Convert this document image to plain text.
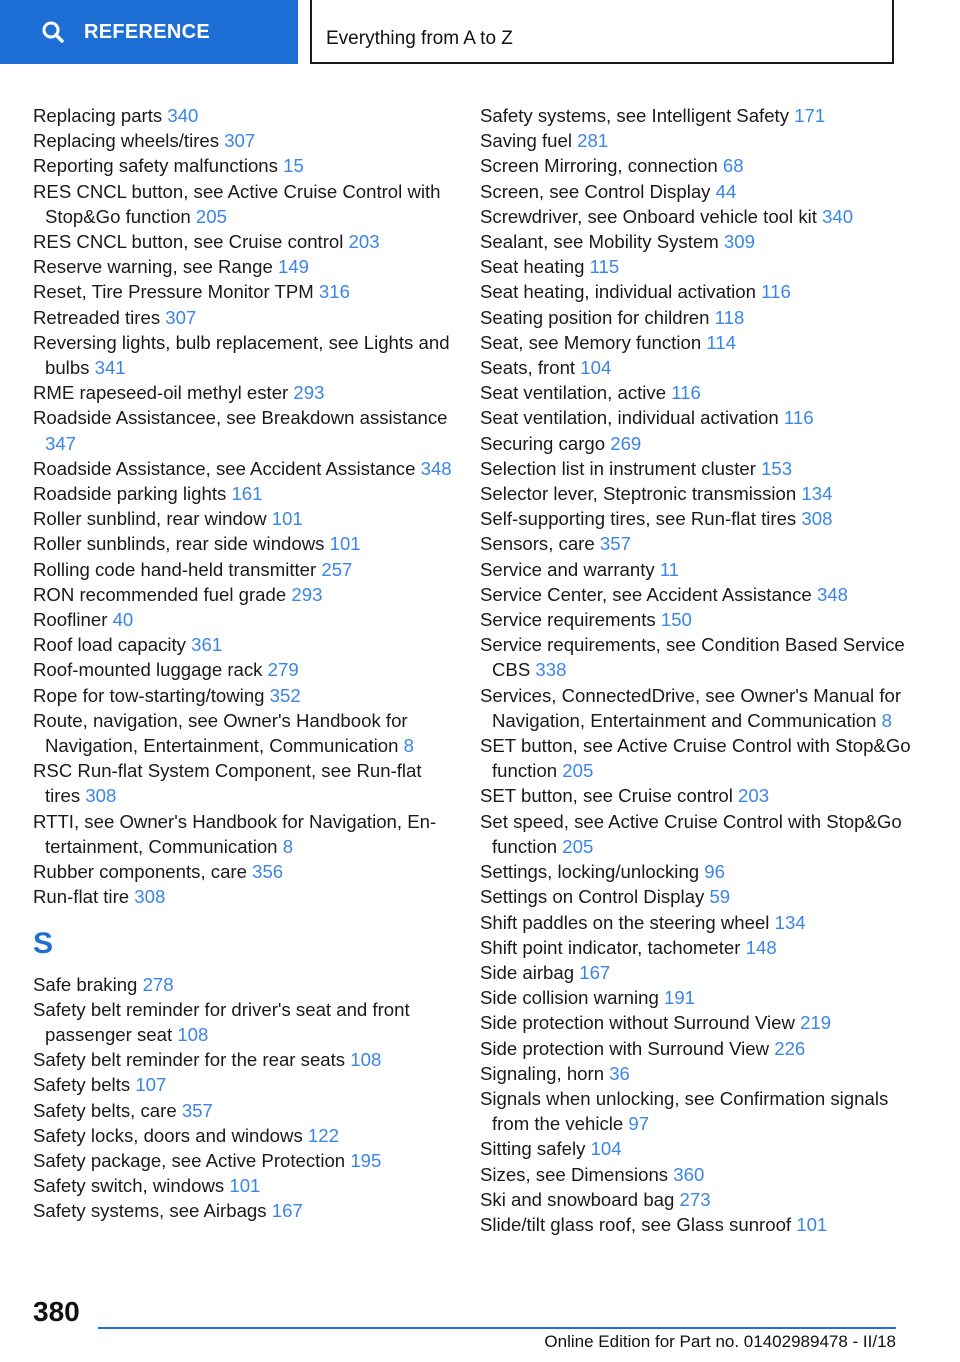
REFERENCE	Everything from A to Z
Replacing parts 340
Replacing wheels/tires 307
Reporting safety malfunctions 15
RES CNCL button, see Active Cruise Control with Stop&Go function 205
RES CNCL button, see Cruise control 203
Reserve warning, see Range 149
Reset, Tire Pressure Monitor TPM 316
Retreaded tires 307
Reversing lights, bulb replacement, see Lights and bulbs 341
RME rapeseed-oil methyl ester 293
Roadside Assistancee, see Breakdown assistance 347
Roadside Assistance, see Accident Assistance 348
Roadside parking lights 161
Roller sunblind, rear window 101
Roller sunblinds, rear side windows 101
Rolling code hand-held transmitter 257
RON recommended fuel grade 293
Roofliner 40
Roof load capacity 361
Roof-mounted luggage rack 279
Rope for tow-starting/towing 352
Route, navigation, see Owner's Handbook for Navigation, Entertainment, Communication 8
RSC Run-flat System Component, see Run-flat tires 308
RTTI, see Owner's Handbook for Navigation, Entertainment, Communication 8
Rubber components, care 356
Run-flat tire 308
S
Safe braking 278
Safety belt reminder for driver's seat and front passenger seat 108
Safety belt reminder for the rear seats 108
Safety belts 107
Safety belts, care 357
Safety locks, doors and windows 122
Safety package, see Active Protection 195
Safety switch, windows 101
Safety systems, see Airbags 167
Safety systems, see Intelligent Safety 171
Saving fuel 281
Screen Mirroring, connection 68
Screen, see Control Display 44
Screwdriver, see Onboard vehicle tool kit 340
Sealant, see Mobility System 309
Seat heating 115
Seat heating, individual activation 116
Seating position for children 118
Seat, see Memory function 114
Seats, front 104
Seat ventilation, active 116
Seat ventilation, individual activation 116
Securing cargo 269
Selection list in instrument cluster 153
Selector lever, Steptronic transmission 134
Self-supporting tires, see Run-flat tires 308
Sensors, care 357
Service and warranty 11
Service Center, see Accident Assistance 348
Service requirements 150
Service requirements, see Condition Based Service CBS 338
Services, ConnectedDrive, see Owner's Manual for Navigation, Entertainment and Communication 8
SET button, see Active Cruise Control with Stop&Go function 205
SET button, see Cruise control 203
Set speed, see Active Cruise Control with Stop&Go function 205
Settings, locking/unlocking 96
Settings on Control Display 59
Shift paddles on the steering wheel 134
Shift point indicator, tachometer 148
Side airbag 167
Side collision warning 191
Side protection without Surround View 219
Side protection with Surround View 226
Signaling, horn 36
Signals when unlocking, see Confirmation signals from the vehicle 97
Sitting safely 104
Sizes, see Dimensions 360
Ski and snowboard bag 273
Slide/tilt glass roof, see Glass sunroof 101
380
Online Edition for Part no. 01402989478 - II/18
